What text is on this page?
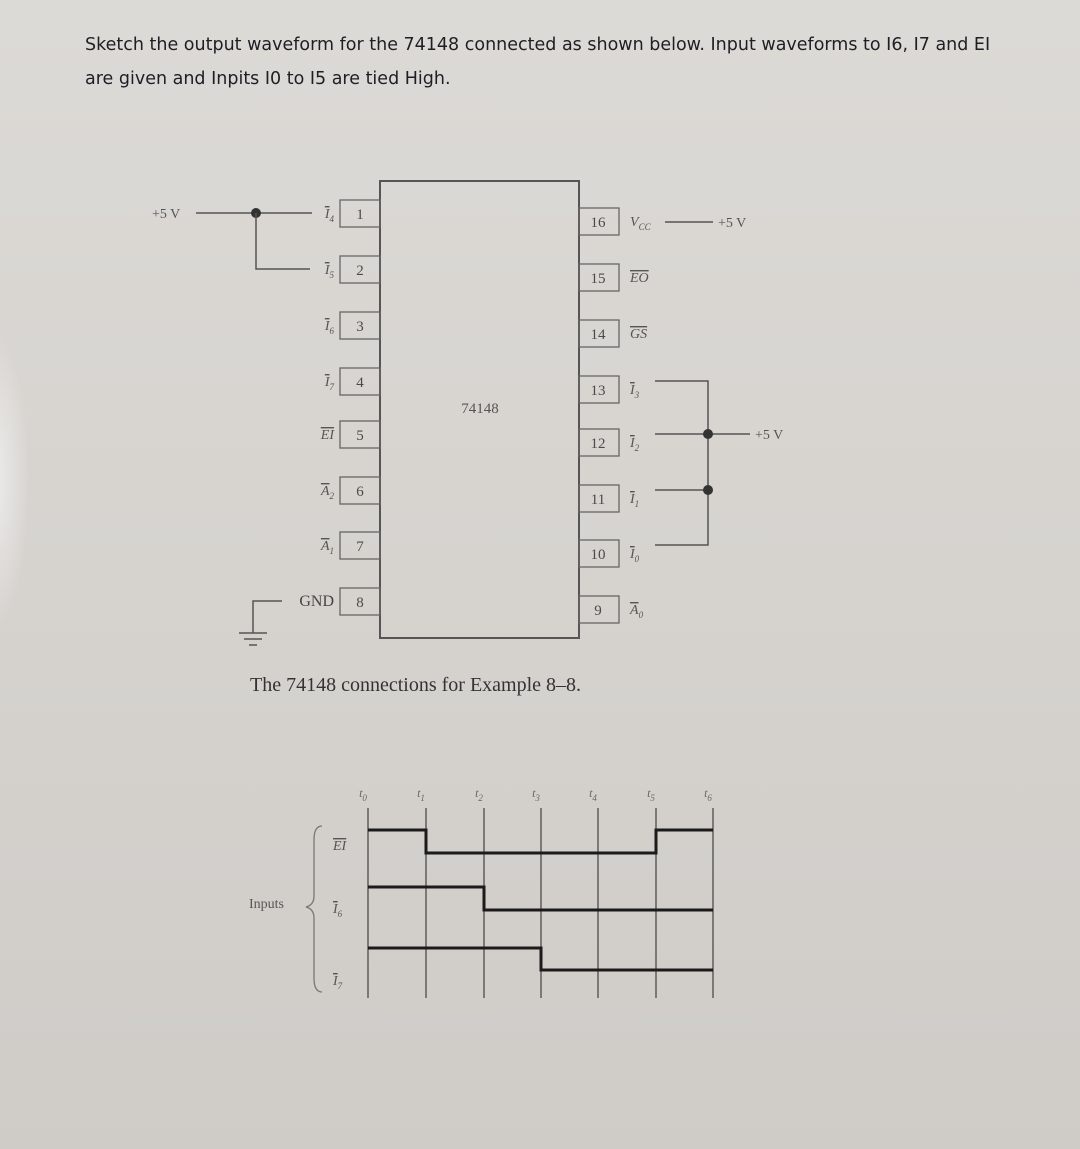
Sketch the output waveform for the 74148 connected as shown below. Input waveforms to I6, I7 and EI
are given and Inpits I0 to I5 are tied High.
74148
1
$I_4$
2
$I_5$
3
$I_6$
4
$I_7$
5
EI
6
$A_2$
7
$A_1$
8
GND
16 $V_{CC}$
15 EO
14 GS
13 $I_3$
12 $I_2$
11 $I_1$
10 $I_0$
9 $A_0$
+5 V
+5 V
+5 V
$t_0$	$t_1$	$t_2$	$t_3$	$t_4$	$t_5$	$t_6$
EI
$I_6$
$I_7$
Inputs
The 74148 connections for Example 8–8.
